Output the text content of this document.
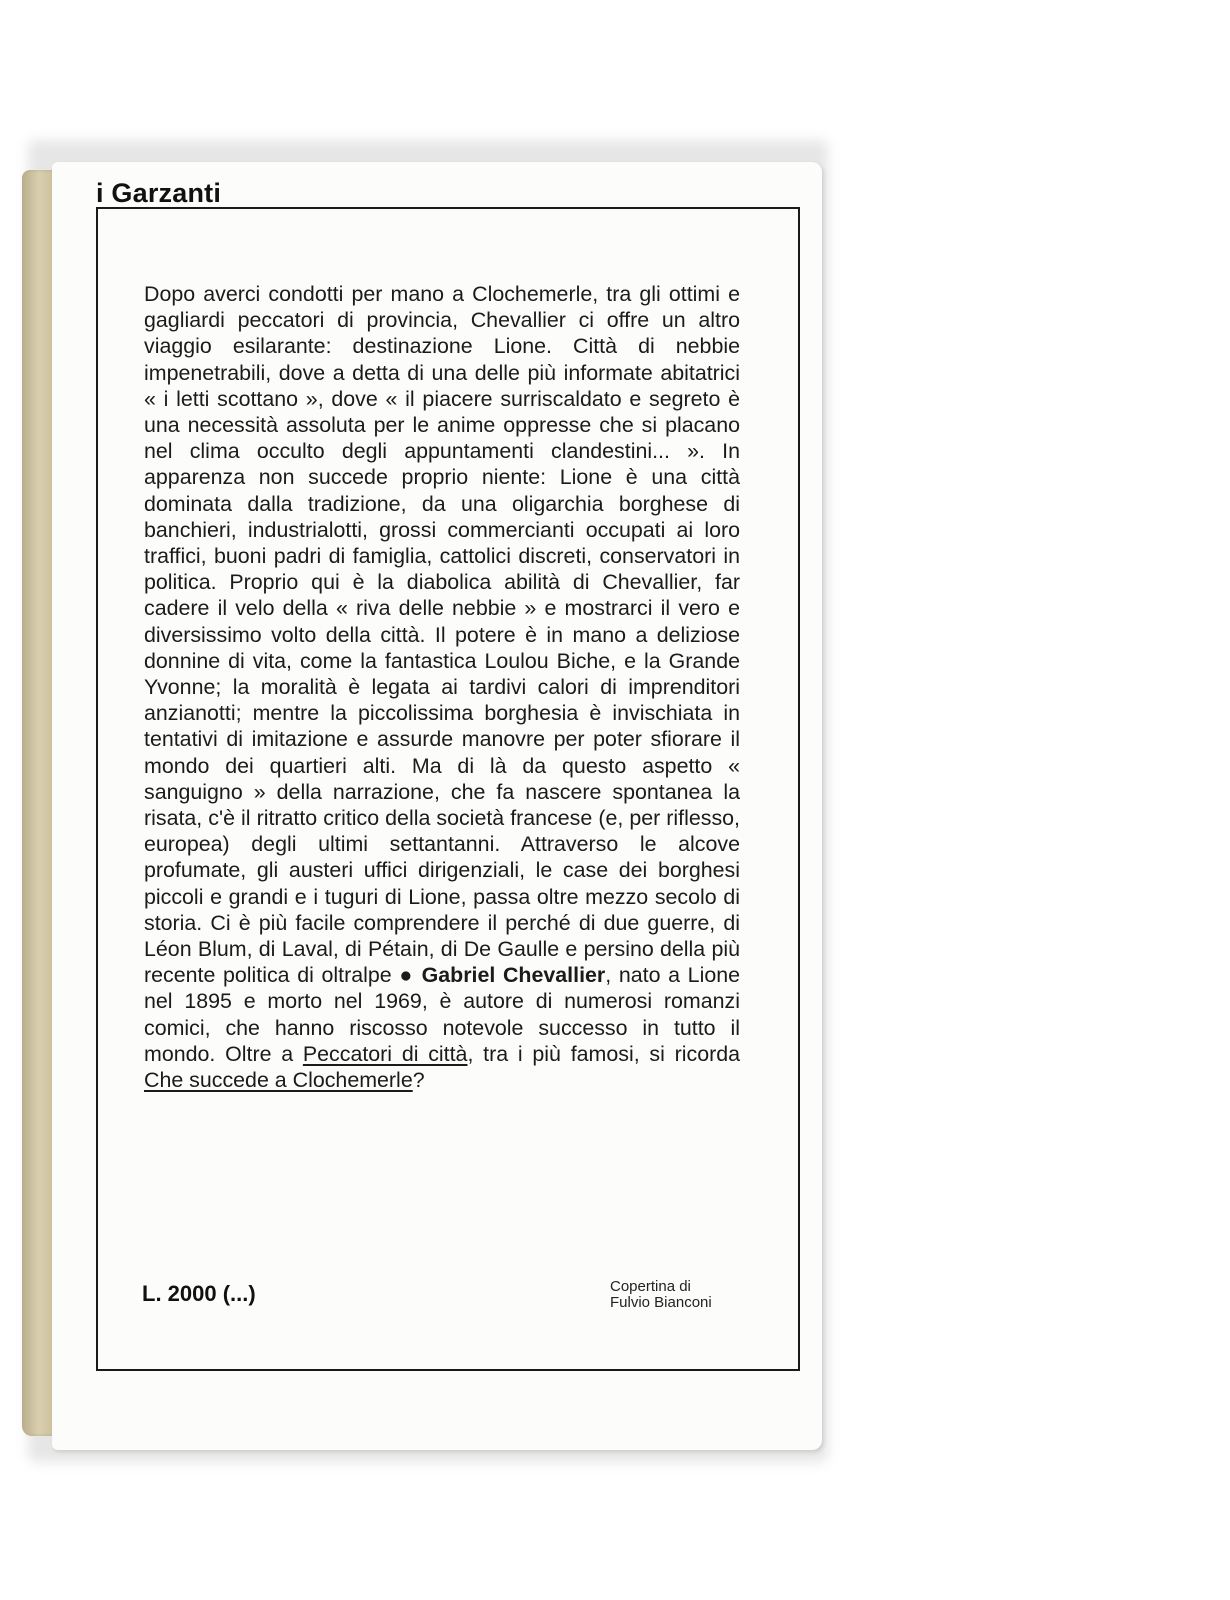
i Garzanti

Dopo averci condotti per mano a Clochemerle, tra gli ottimi e gagliardi peccatori di provincia, Chevallier ci offre un altro viaggio esilarante: destinazione Lione. Città di nebbie impenetrabili, dove a detta di una delle più informate abitatrici « i letti scottano », dove « il piacere surriscaldato e segreto è una necessità assoluta per le anime oppresse che si placano nel clima occulto degli appuntamenti clandestini... ». In apparenza non succede proprio niente: Lione è una città dominata dalla tradizione, da una oligarchia borghese di banchieri, industrialotti, grossi commercianti occupati ai loro traffici, buoni padri di famiglia, cattolici discreti, conservatori in politica. Proprio qui è la diabolica abilità di Chevallier, far cadere il velo della « riva delle nebbie » e mostrarci il vero e diversissimo volto della città. Il potere è in mano a deliziose donnine di vita, come la fantastica Loulou Biche, e la Grande Yvonne; la moralità è legata ai tardivi calori di imprenditori anzianotti; mentre la piccolissima borghesia è invischiata in tentativi di imitazione e assurde manovre per poter sfiorare il mondo dei quartieri alti. Ma di là da questo aspetto « sanguigno » della narrazione, che fa nascere spontanea la risata, c'è il ritratto critico della società francese (e, per riflesso, europea) degli ultimi settantanni. Attraverso le alcove profumate, gli austeri uffici dirigenziali, le case dei borghesi piccoli e grandi e i tuguri di Lione, passa oltre mezzo secolo di storia. Ci è più facile comprendere il perché di due guerre, di Léon Blum, di Laval, di Pétain, di De Gaulle e persino della più recente politica di oltralpe ● Gabriel Chevallier, nato a Lione nel 1895 e morto nel 1969, è autore di numerosi romanzi comici, che hanno riscosso notevole successo in tutto il mondo. Oltre a Peccatori di città, tra i più famosi, si ricorda Che succede a Clochemerle?

L. 2000 (...)	Copertina di
Fulvio Bianconi
